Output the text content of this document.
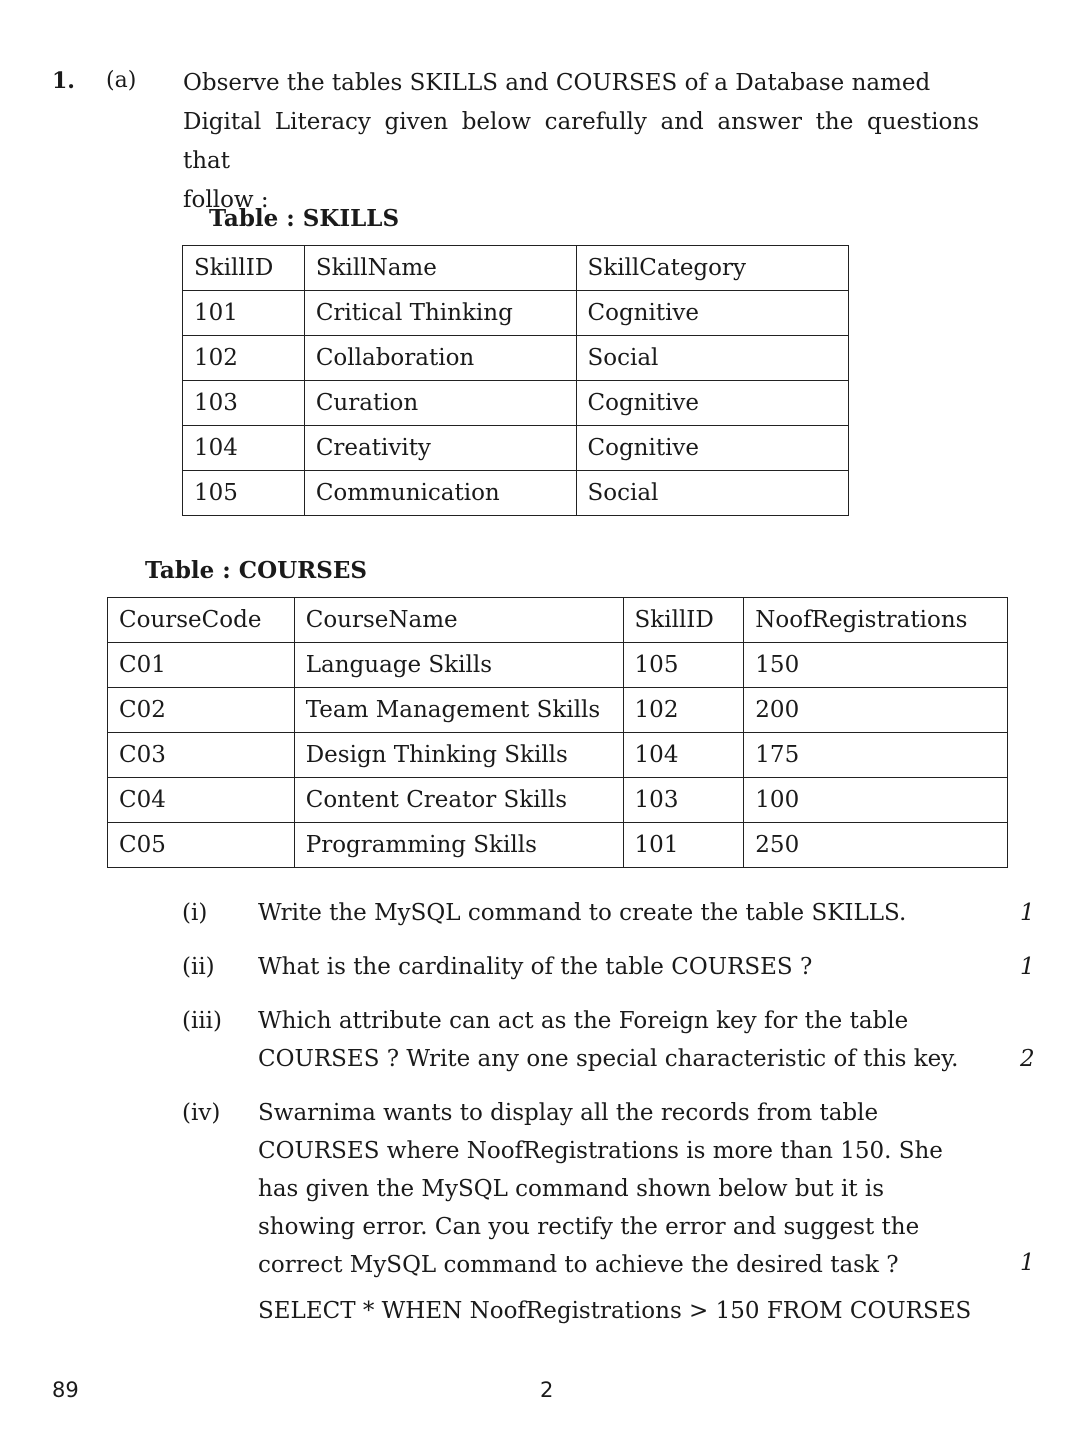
1. (a) Observe the tables SKILLS and COURSES of a Database named
Digital Literacy given below carefully and answer the questions that
follow :
Table : SKILLS
SkillID	SkillName	SkillCategory
101	Critical Thinking	Cognitive
102	Collaboration	Social
103	Curation	Cognitive
104	Creativity	Cognitive
105	Communication	Social
Table : COURSES
CourseCode	CourseName	SkillID	NoofRegistrations
C01	Language Skills	105	150
C02	Team Management Skills	102	200
C03	Design Thinking Skills	104	175
C04	Content Creator Skills	103	100
C05	Programming Skills	101	250
(i) Write the MySQL command to create the table SKILLS.	1
(ii) What is the cardinality of the table COURSES ?	1
(iii) Which attribute can act as the Foreign key for the table
COURSES ? Write any one special characteristic of this key.	2
(iv) Swarnima wants to display all the records from table
COURSES where NoofRegistrations is more than 150. She
has given the MySQL command shown below but it is
showing error. Can you rectify the error and suggest the
correct MySQL command to achieve the desired task ?	1
SELECT * WHEN NoofRegistrations > 150 FROM COURSES
89	2
